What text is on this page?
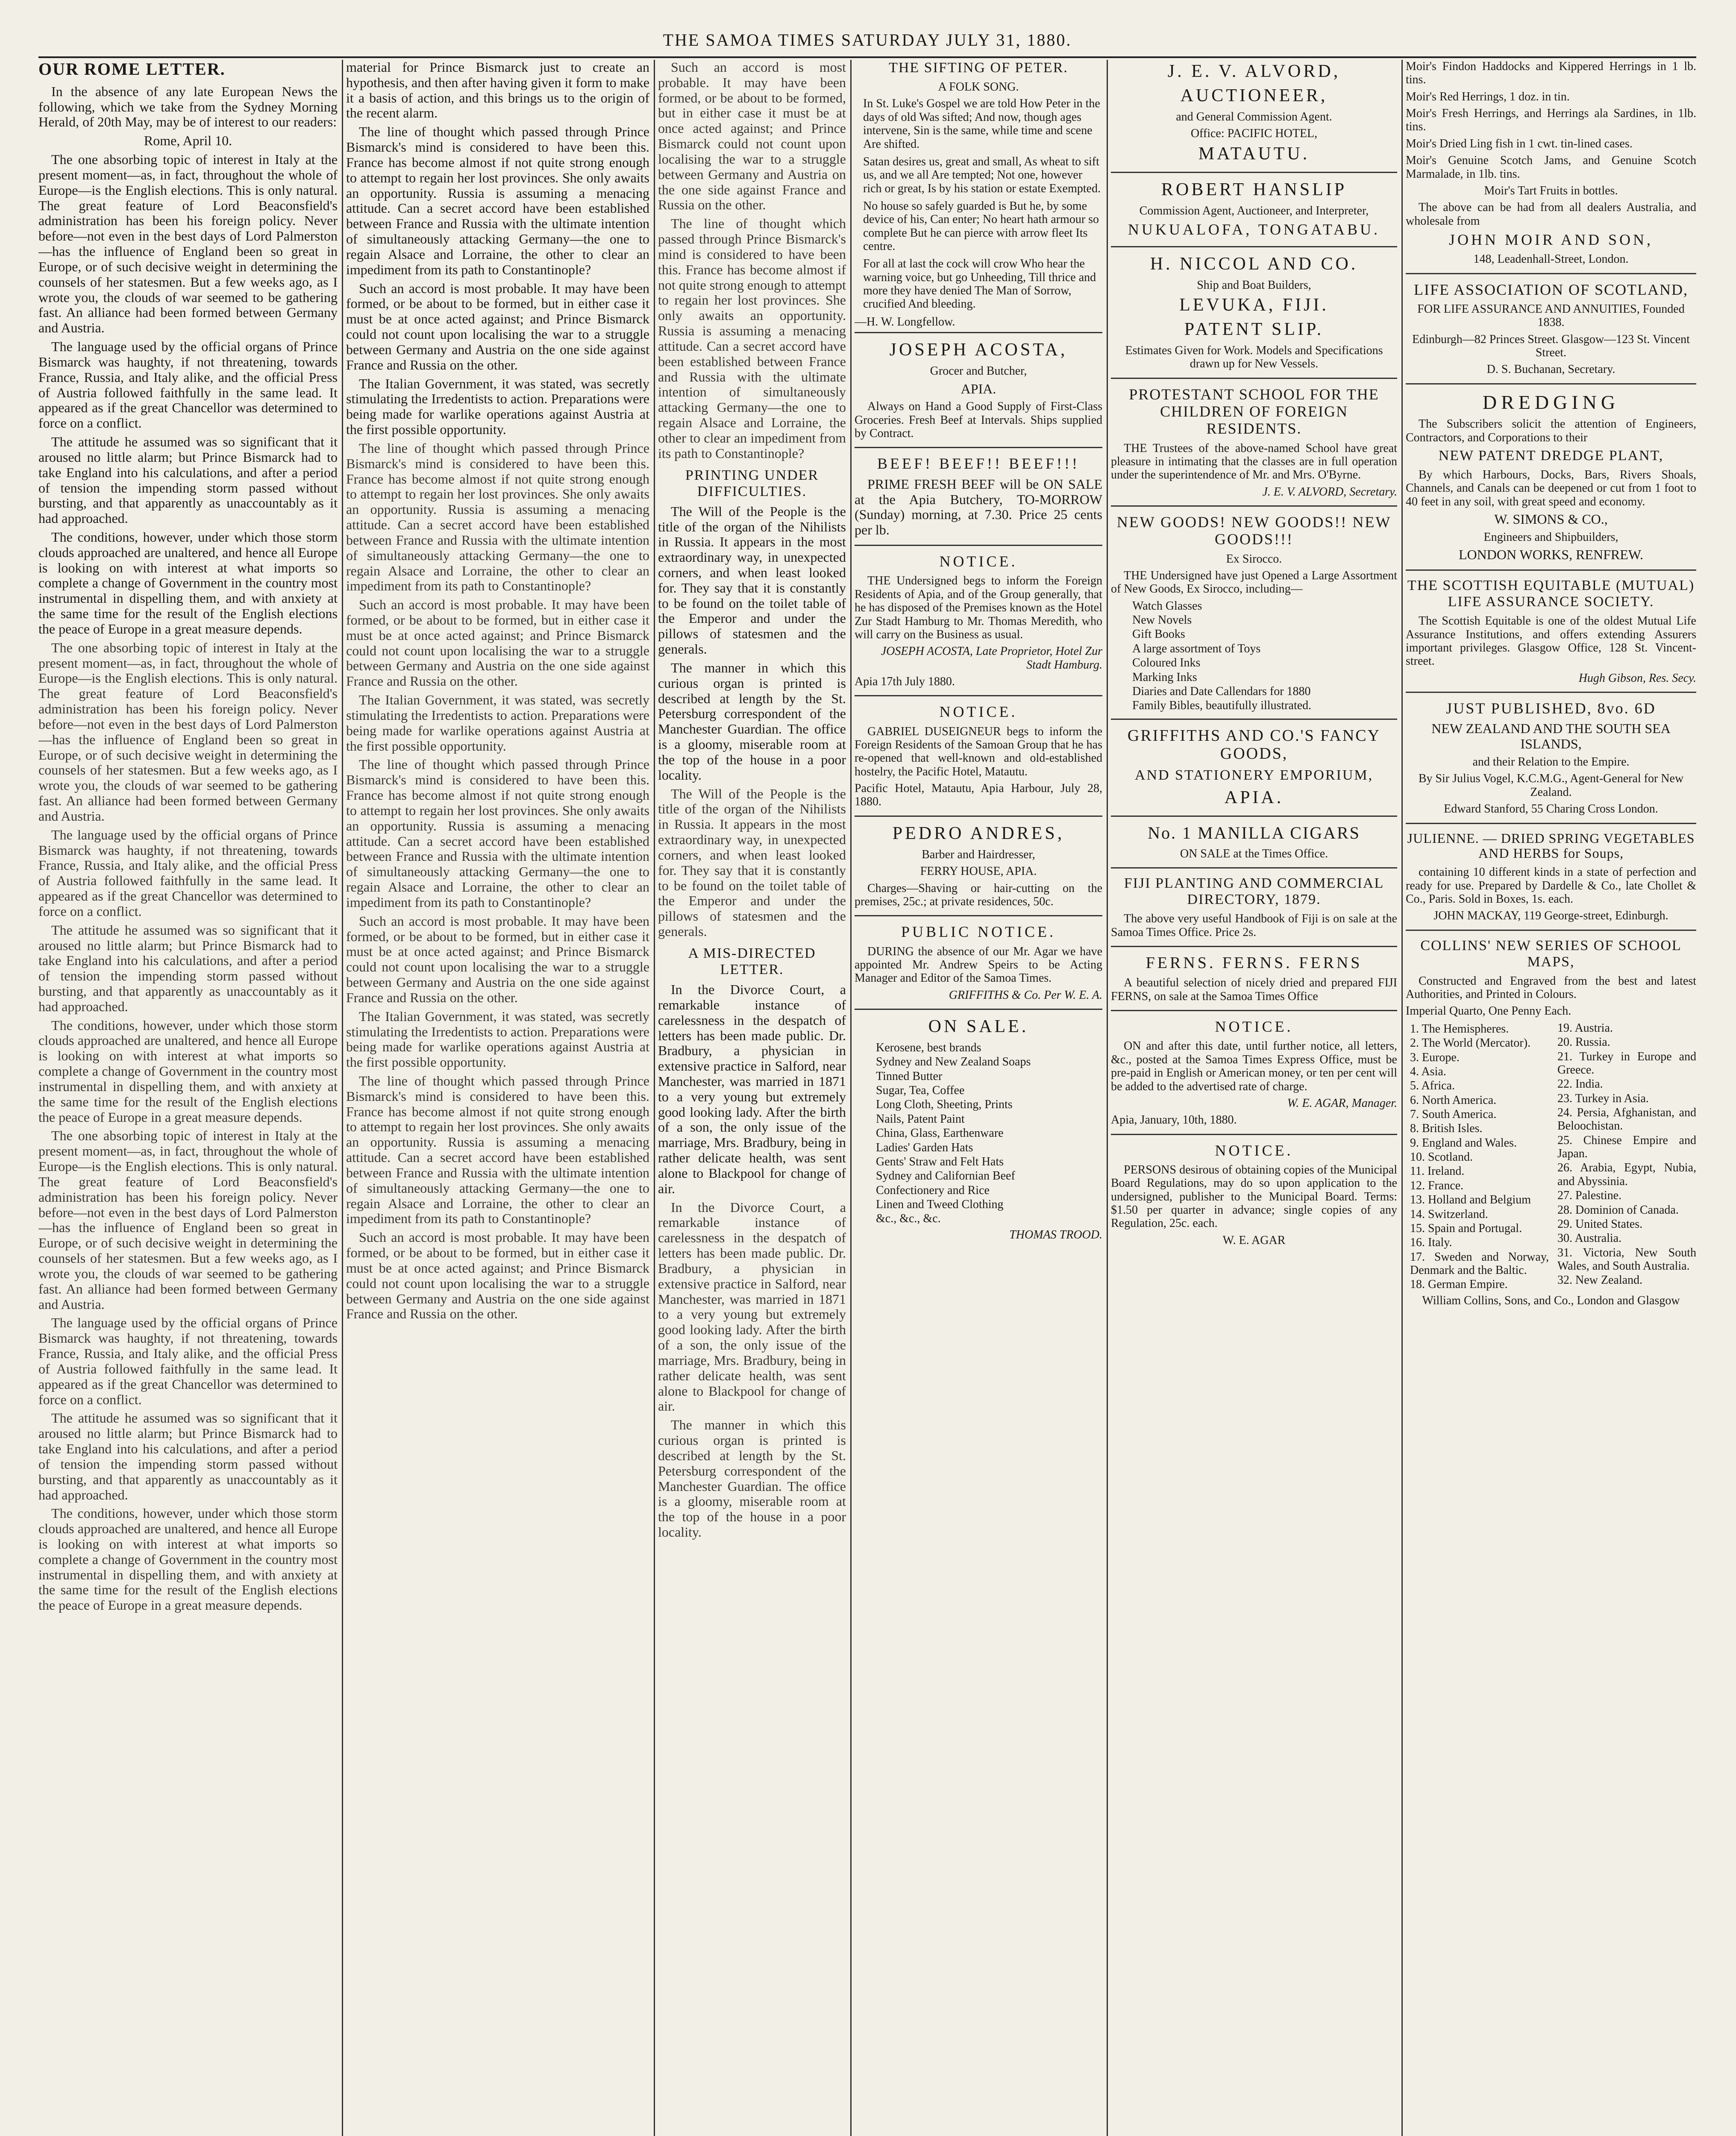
THE SAMOA TIMES SATURDAY JULY 31, 1880.
OUR ROME LETTER.

In the absence of any late European News the following, which we take from the Sydney Morning Herald, of 20th May, may be of interest to our readers:

Rome, April 10.

The one absorbing topic of interest in Italy at the present moment—as, in fact, throughout the whole of Europe—is the English elections. This is only natural. The great feature of Lord Beaconsfield's administration has been his foreign policy. Never before—not even in the best days of Lord Palmerston—has the influence of England been so great in Europe, or of such decisive weight in determining the counsels of her statesmen. But a few weeks ago, as I wrote you, the clouds of war seemed to be gathering fast. An alliance had been formed between Germany and Austria.

The language used by the official organs of Prince Bismarck was haughty, if not threatening, towards France, Russia, and Italy alike, and the official Press of Austria followed faithfully in the same lead. It appeared as if the great Chancellor was determined to force on a conflict.

The attitude he assumed was so significant that it aroused no little alarm; but Prince Bismarck had to take England into his calculations, and after a period of tension the impending storm passed without bursting, and that apparently as unaccountably as it had approached.

The conditions, however, under which those storm clouds approached are unaltered, and hence all Europe is looking on with interest at what imports so complete a change of Government in the country most instrumental in dispelling them, and with anxiety at the same time for the result of the English elections the peace of Europe in a great measure depends.

The one absorbing topic of interest in Italy at the present moment—as, in fact, throughout the whole of Europe—is the English elections. This is only natural. The great feature of Lord Beaconsfield's administration has been his foreign policy. Never before—not even in the best days of Lord Palmerston—has the influence of England been so great in Europe, or of such decisive weight in determining the counsels of her statesmen. But a few weeks ago, as I wrote you, the clouds of war seemed to be gathering fast. An alliance had been formed between Germany and Austria.

The language used by the official organs of Prince Bismarck was haughty, if not threatening, towards France, Russia, and Italy alike, and the official Press of Austria followed faithfully in the same lead. It appeared as if the great Chancellor was determined to force on a conflict.

The attitude he assumed was so significant that it aroused no little alarm; but Prince Bismarck had to take England into his calculations, and after a period of tension the impending storm passed without bursting, and that apparently as unaccountably as it had approached.

The conditions, however, under which those storm clouds approached are unaltered, and hence all Europe is looking on with interest at what imports so complete a change of Government in the country most instrumental in dispelling them, and with anxiety at the same time for the result of the English elections the peace of Europe in a great measure depends.

The one absorbing topic of interest in Italy at the present moment—as, in fact, throughout the whole of Europe—is the English elections. This is only natural. The great feature of Lord Beaconsfield's administration has been his foreign policy. Never before—not even in the best days of Lord Palmerston—has the influence of England been so great in Europe, or of such decisive weight in determining the counsels of her statesmen. But a few weeks ago, as I wrote you, the clouds of war seemed to be gathering fast. An alliance had been formed between Germany and Austria.

The language used by the official organs of Prince Bismarck was haughty, if not threatening, towards France, Russia, and Italy alike, and the official Press of Austria followed faithfully in the same lead. It appeared as if the great Chancellor was determined to force on a conflict.

The attitude he assumed was so significant that it aroused no little alarm; but Prince Bismarck had to take England into his calculations, and after a period of tension the impending storm passed without bursting, and that apparently as unaccountably as it had approached.

The conditions, however, under which those storm clouds approached are unaltered, and hence all Europe is looking on with interest at what imports so complete a change of Government in the country most instrumental in dispelling them, and with anxiety at the same time for the result of the English elections the peace of Europe in a great measure depends.

material for Prince Bismarck just to create an hypothesis, and then after having given it form to make it a basis of action, and this brings us to the origin of the recent alarm.

The line of thought which passed through Prince Bismarck's mind is considered to have been this. France has become almost if not quite strong enough to attempt to regain her lost provinces. She only awaits an opportunity. Russia is assuming a menacing attitude. Can a secret accord have been established between France and Russia with the ultimate intention of simultaneously attacking Germany—the one to regain Alsace and Lorraine, the other to clear an impediment from its path to Constantinople?

Such an accord is most probable. It may have been formed, or be about to be formed, but in either case it must be at once acted against; and Prince Bismarck could not count upon localising the war to a struggle between Germany and Austria on the one side against France and Russia on the other.

The Italian Government, it was stated, was secretly stimulating the Irredentists to action. Preparations were being made for warlike operations against Austria at the first possible opportunity.

The line of thought which passed through Prince Bismarck's mind is considered to have been this. France has become almost if not quite strong enough to attempt to regain her lost provinces. She only awaits an opportunity. Russia is assuming a menacing attitude. Can a secret accord have been established between France and Russia with the ultimate intention of simultaneously attacking Germany—the one to regain Alsace and Lorraine, the other to clear an impediment from its path to Constantinople?

Such an accord is most probable. It may have been formed, or be about to be formed, but in either case it must be at once acted against; and Prince Bismarck could not count upon localising the war to a struggle between Germany and Austria on the one side against France and Russia on the other.

The Italian Government, it was stated, was secretly stimulating the Irredentists to action. Preparations were being made for warlike operations against Austria at the first possible opportunity.

The line of thought which passed through Prince Bismarck's mind is considered to have been this. France has become almost if not quite strong enough to attempt to regain her lost provinces. She only awaits an opportunity. Russia is assuming a menacing attitude. Can a secret accord have been established between France and Russia with the ultimate intention of simultaneously attacking Germany—the one to regain Alsace and Lorraine, the other to clear an impediment from its path to Constantinople?

Such an accord is most probable. It may have been formed, or be about to be formed, but in either case it must be at once acted against; and Prince Bismarck could not count upon localising the war to a struggle between Germany and Austria on the one side against France and Russia on the other.

The Italian Government, it was stated, was secretly stimulating the Irredentists to action. Preparations were being made for warlike operations against Austria at the first possible opportunity.

The line of thought which passed through Prince Bismarck's mind is considered to have been this. France has become almost if not quite strong enough to attempt to regain her lost provinces. She only awaits an opportunity. Russia is assuming a menacing attitude. Can a secret accord have been established between France and Russia with the ultimate intention of simultaneously attacking Germany—the one to regain Alsace and Lorraine, the other to clear an impediment from its path to Constantinople?

Such an accord is most probable. It may have been formed, or be about to be formed, but in either case it must be at once acted against; and Prince Bismarck could not count upon localising the war to a struggle between Germany and Austria on the one side against France and Russia on the other.

Such an accord is most probable. It may have been formed, or be about to be formed, but in either case it must be at once acted against; and Prince Bismarck could not count upon localising the war to a struggle between Germany and Austria on the one side against France and Russia on the other.

The line of thought which passed through Prince Bismarck's mind is considered to have been this. France has become almost if not quite strong enough to attempt to regain her lost provinces. She only awaits an opportunity. Russia is assuming a menacing attitude. Can a secret accord have been established between France and Russia with the ultimate intention of simultaneously attacking Germany—the one to regain Alsace and Lorraine, the other to clear an impediment from its path to Constantinople?

PRINTING UNDER DIFFICULTIES.

The Will of the People is the title of the organ of the Nihilists in Russia. It appears in the most extraordinary way, in unexpected corners, and when least looked for. They say that it is constantly to be found on the toilet table of the Emperor and under the pillows of statesmen and the generals.

The manner in which this curious organ is printed is described at length by the St. Petersburg correspondent of the Manchester Guardian. The office is a gloomy, miserable room at the top of the house in a poor locality.

The Will of the People is the title of the organ of the Nihilists in Russia. It appears in the most extraordinary way, in unexpected corners, and when least looked for. They say that it is constantly to be found on the toilet table of the Emperor and under the pillows of statesmen and the generals.

A MIS-DIRECTED LETTER.

In the Divorce Court, a remarkable instance of carelessness in the despatch of letters has been made public. Dr. Bradbury, a physician in extensive practice in Salford, near Manchester, was married in 1871 to a very young but extremely good looking lady. After the birth of a son, the only issue of the marriage, Mrs. Bradbury, being in rather delicate health, was sent alone to Blackpool for change of air.

In the Divorce Court, a remarkable instance of carelessness in the despatch of letters has been made public. Dr. Bradbury, a physician in extensive practice in Salford, near Manchester, was married in 1871 to a very young but extremely good looking lady. After the birth of a son, the only issue of the marriage, Mrs. Bradbury, being in rather delicate health, was sent alone to Blackpool for change of air.

The manner in which this curious organ is printed is described at length by the St. Petersburg correspondent of the Manchester Guardian. The office is a gloomy, miserable room at the top of the house in a poor locality.

THE SIFTING OF PETER.

A FOLK SONG.

In St. Luke's Gospel we are told How Peter in the days of old Was sifted; And now, though ages intervene, Sin is the same, while time and scene Are shifted.

Satan desires us, great and small, As wheat to sift us, and we all Are tempted; Not one, however rich or great, Is by his station or estate Exempted.

No house so safely guarded is But he, by some device of his, Can enter; No heart hath armour so complete But he can pierce with arrow fleet Its centre.

For all at last the cock will crow Who hear the warning voice, but go Unheeding, Till thrice and more they have denied The Man of Sorrow, crucified And bleeding.

—H. W. Longfellow.

JOSEPH ACOSTA,

Grocer and Butcher,

APIA.

Always on Hand a Good Supply of First-Class Groceries. Fresh Beef at Intervals. Ships supplied by Contract.

BEEF! BEEF!! BEEF!!!

PRIME FRESH BEEF will be ON SALE at the Apia Butchery, TO-MORROW (Sunday) morning, at 7.30. Price 25 cents per lb.

NOTICE.

THE Undersigned begs to inform the Foreign Residents of Apia, and of the Group generally, that he has disposed of the Premises known as the Hotel Zur Stadt Hamburg to Mr. Thomas Meredith, who will carry on the Business as usual.

JOSEPH ACOSTA, Late Proprietor, Hotel Zur Stadt Hamburg.

Apia 17th July 1880.

NOTICE.

GABRIEL DUSEIGNEUR begs to inform the Foreign Residents of the Samoan Group that he has re-opened that well-known and old-established hostelry, the Pacific Hotel, Matautu.

Pacific Hotel, Matautu, Apia Harbour, July 28, 1880.

PEDRO ANDRES,

Barber and Hairdresser,

FERRY HOUSE, APIA.

Charges—Shaving or hair-cutting on the premises, 25c.; at private residences, 50c.

PUBLIC NOTICE.

DURING the absence of our Mr. Agar we have appointed Mr. Andrew Speirs to be Acting Manager and Editor of the Samoa Times.

GRIFFITHS & Co. Per W. E. A.

ON SALE.
Kerosene, best brands
Sydney and New Zealand Soaps
Tinned Butter
Sugar, Tea, Coffee
Long Cloth, Sheeting, Prints
Nails, Patent Paint
China, Glass, Earthenware
Ladies' Garden Hats
Gents' Straw and Felt Hats
Sydney and Californian Beef
Confectionery and Rice
Linen and Tweed Clothing
&c., &c., &c.

THOMAS TROOD.

J. E. V. ALVORD,
AUCTIONEER,

and General Commission Agent.

Office: PACIFIC HOTEL,

MATAUTU.
ROBERT HANSLIP

Commission Agent, Auctioneer, and Interpreter,

NUKUALOFA, TONGATABU.
H. NICCOL AND CO.

Ship and Boat Builders,

LEVUKA, FIJI.
PATENT SLIP.

Estimates Given for Work. Models and Specifications drawn up for New Vessels.

PROTESTANT SCHOOL FOR THE CHILDREN OF FOREIGN RESIDENTS.

THE Trustees of the above-named School have great pleasure in intimating that the classes are in full operation under the superintendence of Mr. and Mrs. O'Byrne.

J. E. V. ALVORD, Secretary.

NEW GOODS! NEW GOODS!! NEW GOODS!!!

Ex Sirocco.

THE Undersigned have just Opened a Large Assortment of New Goods, Ex Sirocco, including—

Watch Glasses
New Novels
Gift Books
A large assortment of Toys
Coloured Inks
Marking Inks
Diaries and Date Callendars for 1880
Family Bibles, beautifully illustrated.
GRIFFITHS AND CO.'S FANCY GOODS,
AND STATIONERY EMPORIUM,
APIA.
No. 1 MANILLA CIGARS

ON SALE at the Times Office.

FIJI PLANTING AND COMMERCIAL DIRECTORY, 1879.

The above very useful Handbook of Fiji is on sale at the Samoa Times Office. Price 2s.

FERNS. FERNS. FERNS

A beautiful selection of nicely dried and prepared FIJI FERNS, on sale at the Samoa Times Office

NOTICE.

ON and after this date, until further notice, all letters, &c., posted at the Samoa Times Express Office, must be pre-paid in English or American money, or ten per cent will be added to the advertised rate of charge.

W. E. AGAR, Manager.

Apia, January, 10th, 1880.

NOTICE.

PERSONS desirous of obtaining copies of the Municipal Board Regulations, may do so upon application to the undersigned, publisher to the Municipal Board. Terms: $1.50 per quarter in advance; single copies of any Regulation, 25c. each.

W. E. AGAR

Moir's Findon Haddocks and Kippered Herrings in 1 lb. tins.

Moir's Red Herrings, 1 doz. in tin.

Moir's Fresh Herrings, and Herrings ala Sardines, in 1lb. tins.

Moir's Dried Ling fish in 1 cwt. tin-lined cases.

Moir's Genuine Scotch Jams, and Genuine Scotch Marmalade, in 1lb. tins.

Moir's Tart Fruits in bottles.

The above can be had from all dealers Australia, and wholesale from

JOHN MOIR AND SON,

148, Leadenhall-Street, London.

LIFE ASSOCIATION OF SCOTLAND,

FOR LIFE ASSURANCE AND ANNUITIES, Founded 1838.

Edinburgh—82 Princes Street. Glasgow—123 St. Vincent Street.

D. S. Buchanan, Secretary.

DREDGING

The Subscribers solicit the attention of Engineers, Contractors, and Corporations to their

NEW PATENT DREDGE PLANT,

By which Harbours, Docks, Bars, Rivers Shoals, Channels, and Canals can be deepened or cut from 1 foot to 40 feet in any soil, with great speed and economy.

W. SIMONS & CO.,

Engineers and Shipbuilders,

LONDON WORKS, RENFREW.

THE SCOTTISH EQUITABLE (MUTUAL) LIFE ASSURANCE SOCIETY.

The Scottish Equitable is one of the oldest Mutual Life Assurance Institutions, and offers extending Assurers important privileges. Glasgow Office, 128 St. Vincent-street.

Hugh Gibson, Res. Secy.

JUST PUBLISHED, 8vo. 6D

NEW ZEALAND AND THE SOUTH SEA ISLANDS,

and their Relation to the Empire.

By Sir Julius Vogel, K.C.M.G., Agent-General for New Zealand.

Edward Stanford, 55 Charing Cross London.

JULIENNE. — DRIED SPRING VEGETABLES AND HERBS for Soups,

containing 10 different kinds in a state of perfection and ready for use. Prepared by Dardelle & Co., late Chollet & Co., Paris. Sold in Boxes, 1s. each.

JOHN MACKAY, 119 George-street, Edinburgh.

COLLINS' NEW SERIES OF SCHOOL MAPS,

Constructed and Engraved from the best and latest Authorities, and Printed in Colours.

Imperial Quarto, One Penny Each.

1. The Hemispheres.
2. The World (Mercator).
3. Europe.
4. Asia.
5. Africa.
6. North America.
7. South America.
8. British Isles.
9. England and Wales.
10. Scotland.
11. Ireland.
12. France.
13. Holland and Belgium
14. Switzerland.
15. Spain and Portugal.
16. Italy.
17. Sweden and Norway, Denmark and the Baltic.
18. German Empire.
19. Austria.
20. Russia.
21. Turkey in Europe and Greece.
22. India.
23. Turkey in Asia.
24. Persia, Afghanistan, and Beloochistan.
25. Chinese Empire and Japan.
26. Arabia, Egypt, Nubia, and Abyssinia.
27. Palestine.
28. Dominion of Canada.
29. United States.
30. Australia.
31. Victoria, New South Wales, and South Australia.
32. New Zealand.

William Collins, Sons, and Co., London and Glasgow
